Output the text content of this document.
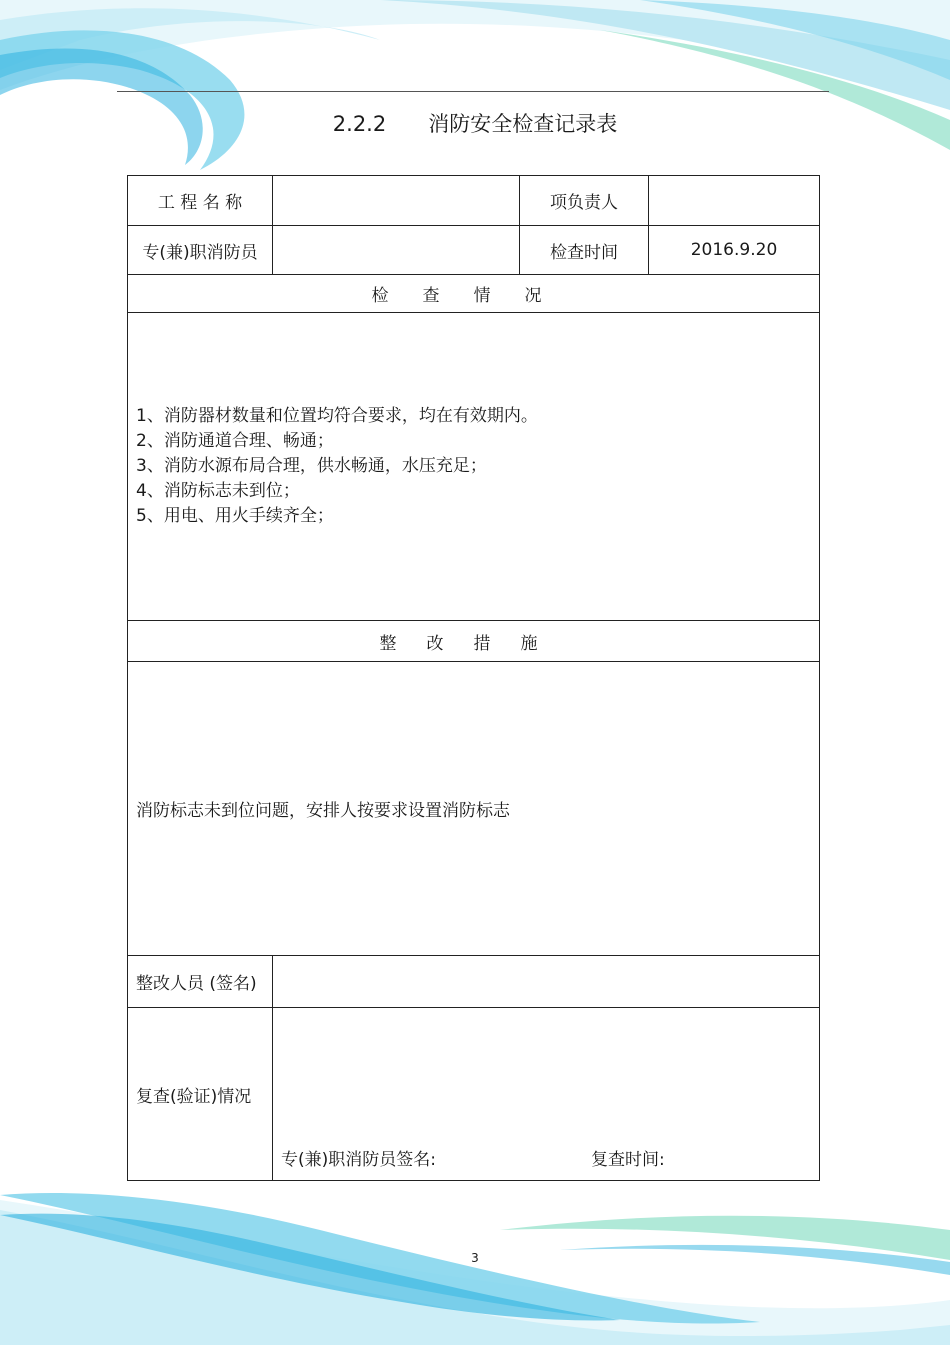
2.2.2 消防安全检查记录表
工 程 名 称		项负责人	
专(兼)职消防员		检查时间	2016.9.20
检查情况			

1、消防器材数量和位置均符合要求，均在有效期内。
2、消防通道合理、畅通；
3、消防水源布局合理，供水畅通，水压充足；
4、消防标志未到位；
5、用电、用火手续齐全；			

整改措施			
消防标志未到位问题，安排人按要求设置消防标志			
整改人员 (签名)			
复查(验证)情况	专(兼)职消防员签名: 复查时间:		
3
